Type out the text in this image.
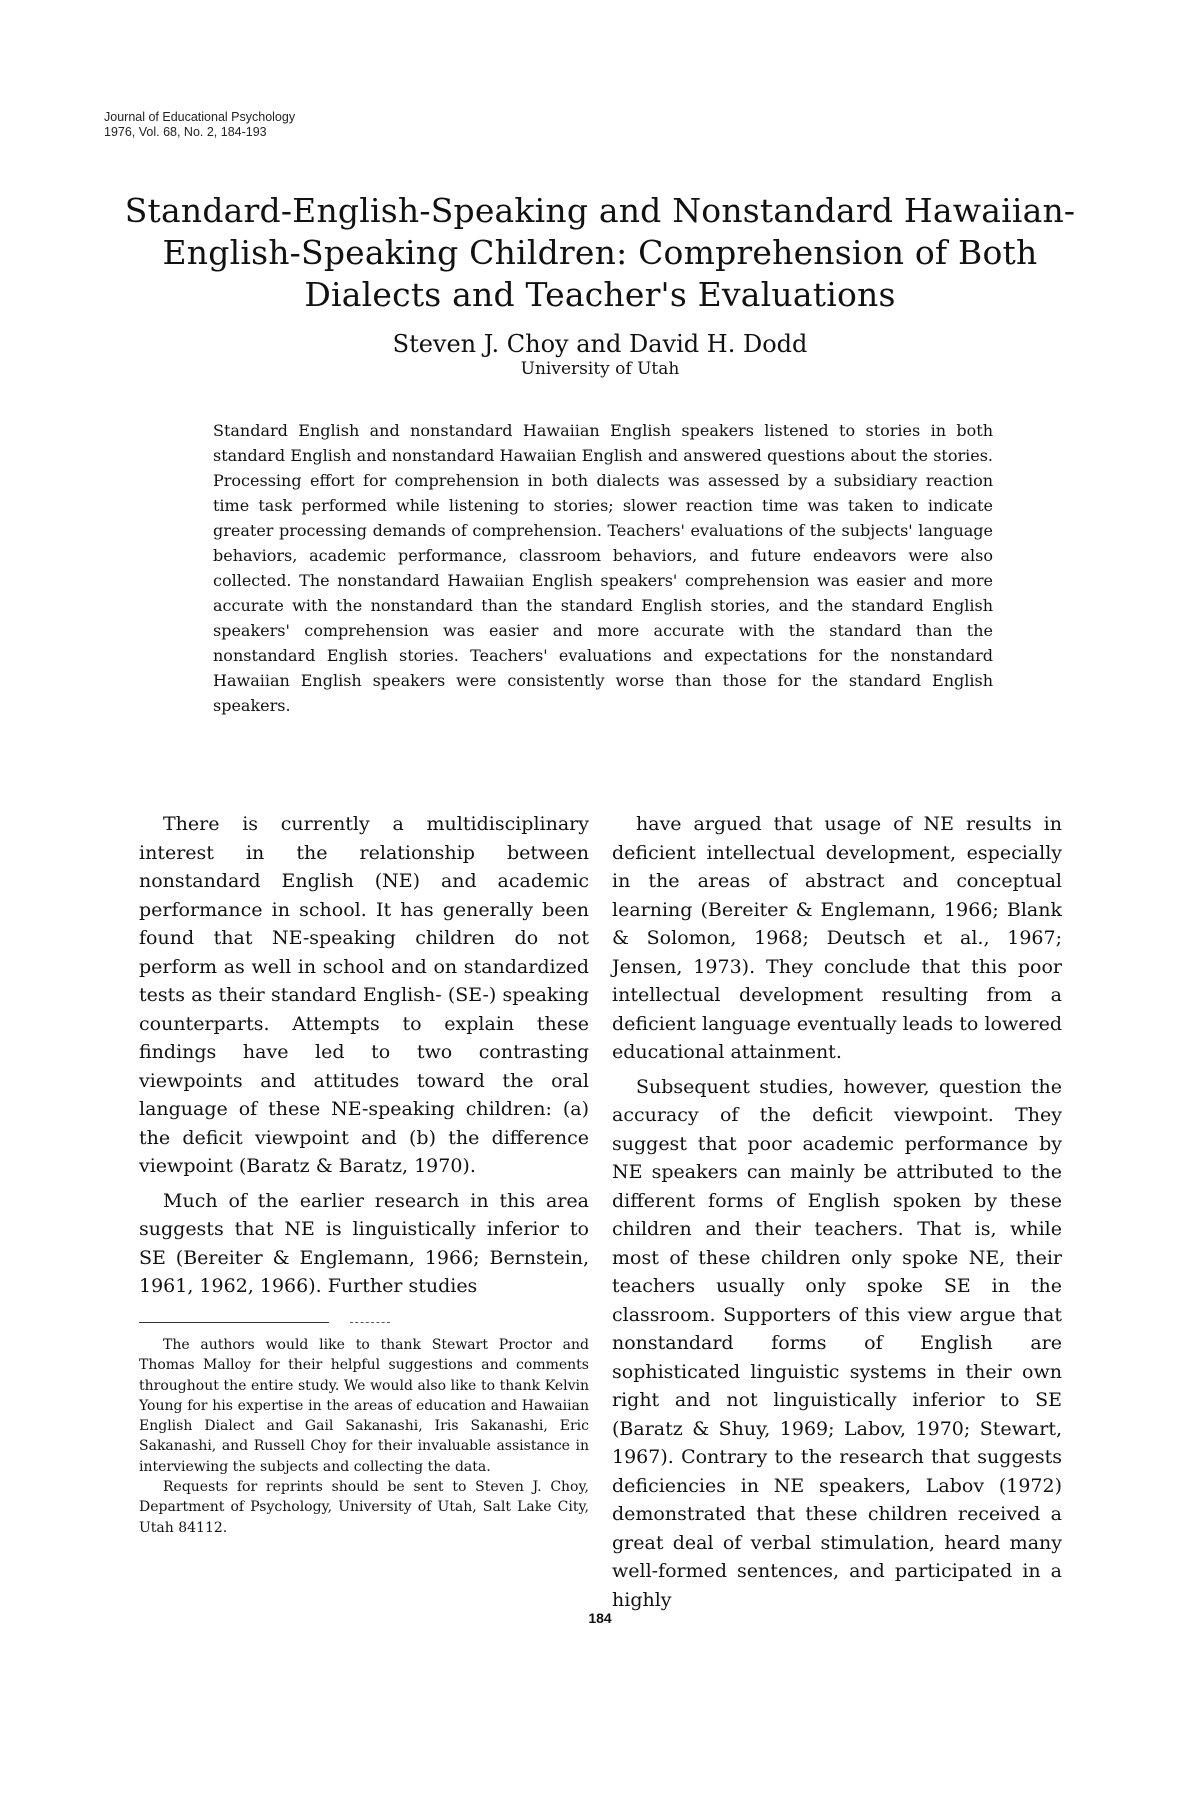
Journal of Educational Psychology
1976, Vol. 68, No. 2, 184-193
Standard-English-Speaking and Nonstandard Hawaiian-English-Speaking Children: Comprehension of Both Dialects and Teacher's Evaluations
Steven J. Choy and David H. Dodd
University of Utah

Standard English and nonstandard Hawaiian English speakers listened to stories in both standard English and nonstandard Hawaiian English and answered questions about the stories. Processing effort for comprehension in both dialects was assessed by a subsidiary reaction time task performed while listening to stories; slower reaction time was taken to indicate greater processing demands of comprehension. Teachers' evaluations of the subjects' language behaviors, academic performance, classroom behaviors, and future endeavors were also collected. The nonstandard Hawaiian English speakers' comprehension was easier and more accurate with the nonstandard than the standard English stories, and the standard English speakers' comprehension was easier and more accurate with the standard than the nonstandard English stories. Teachers' evaluations and expectations for the nonstandard Hawaiian English speakers were consistently worse than those for the standard English speakers.

There is currently a multidisciplinary interest in the relationship between nonstandard English (NE) and academic performance in school. It has generally been found that NE-speaking children do not perform as well in school and on standardized tests as their standard English- (SE-) speaking counterparts. Attempts to explain these findings have led to two contrasting viewpoints and attitudes toward the oral language of these NE-speaking children: (a) the deficit viewpoint and (b) the difference viewpoint (Baratz & Baratz, 1970).

Much of the earlier research in this area suggests that NE is linguistically inferior to SE (Bereiter & Englemann, 1966; Bernstein, 1961, 1962, 1966). Further studies

have argued that usage of NE results in deficient intellectual development, especially in the areas of abstract and conceptual learning (Bereiter & Englemann, 1966; Blank & Solomon, 1968; Deutsch et al., 1967; Jensen, 1973). They conclude that this poor intellectual development resulting from a deficient language eventually leads to lowered educational attainment.

Subsequent studies, however, question the accuracy of the deficit viewpoint. They suggest that poor academic performance by NE speakers can mainly be attributed to the different forms of English spoken by these children and their teachers. That is, while most of these children only spoke NE, their teachers usually only spoke SE in the classroom. Supporters of this view argue that nonstandard forms of English are sophisticated linguistic systems in their own right and not linguistically inferior to SE (Baratz & Shuy, 1969; Labov, 1970; Stewart, 1967). Contrary to the research that suggests deficiencies in NE speakers, Labov (1972) demonstrated that these children received a great deal of verbal stimulation, heard many well-formed sentences, and participated in a highly

The authors would like to thank Stewart Proctor and Thomas Malloy for their helpful suggestions and comments throughout the entire study. We would also like to thank Kelvin Young for his expertise in the areas of education and Hawaiian English Dialect and Gail Sakanashi, Iris Sakanashi, Eric Sakanashi, and Russell Choy for their invaluable assistance in interviewing the subjects and collecting the data.

Requests for reprints should be sent to Steven J. Choy, Department of Psychology, University of Utah, Salt Lake City, Utah 84112.

184
